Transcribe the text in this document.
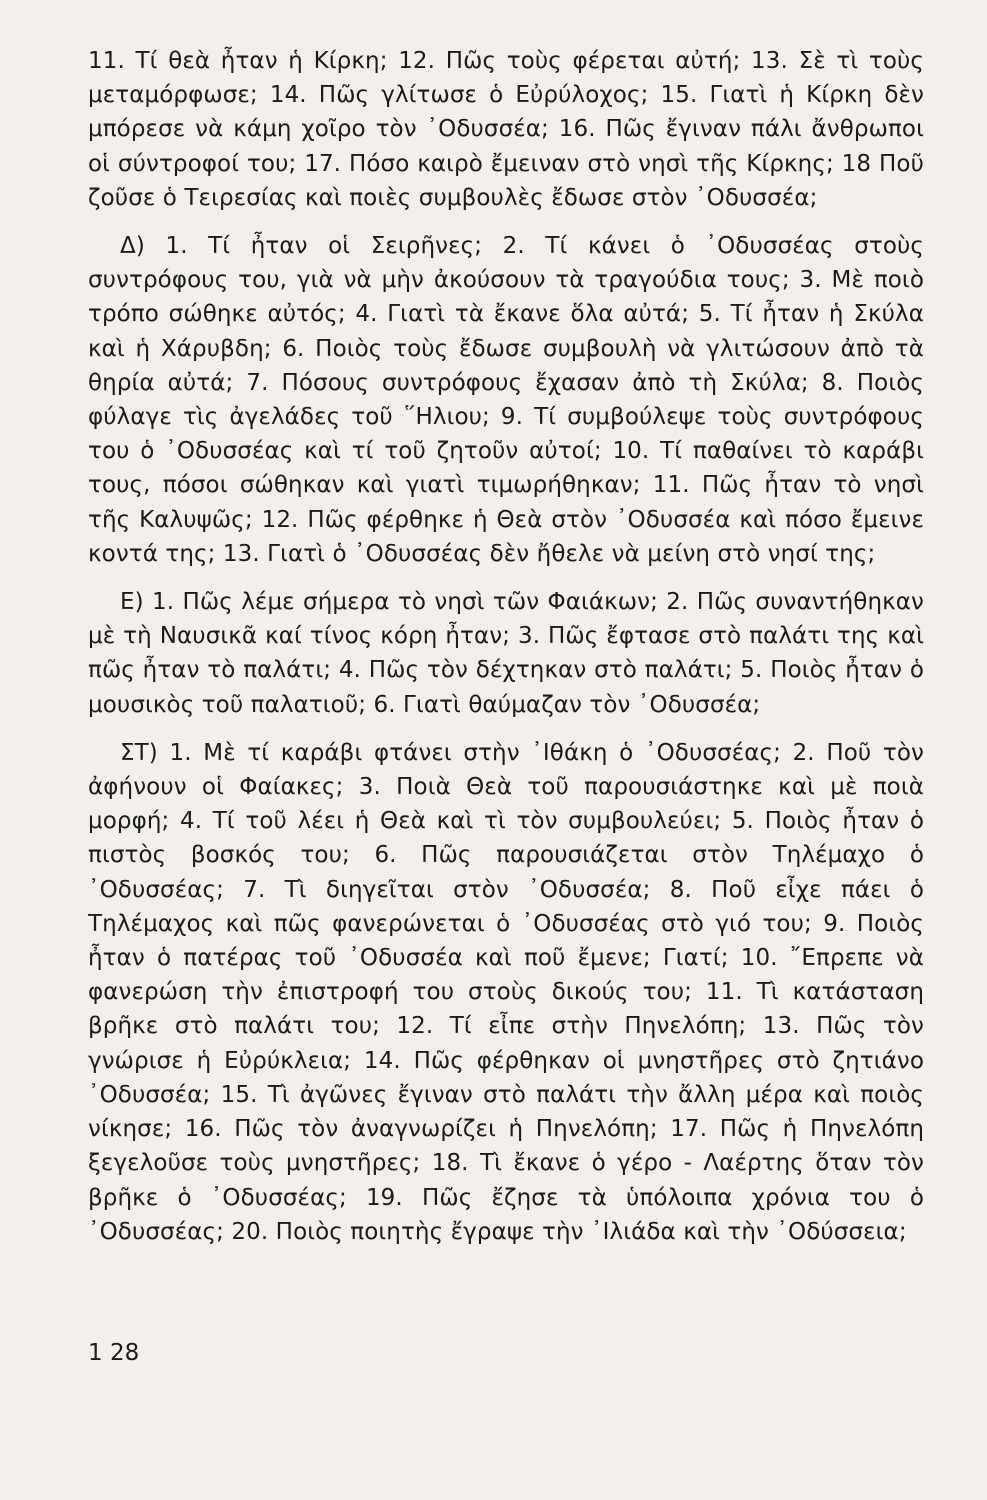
11. Τί θεὰ ἦταν ἡ Κίρκη; 12. Πῶς τοὺς φέρεται αὐτή; 13. Σὲ τὶ τοὺς μεταμόρφωσε; 14. Πῶς γλίτωσε ὁ Εὐρύλοχος; 15. Γιατὶ ἡ Κίρκη δὲν μπόρεσε νὰ κάμη χοῖρο τὸν ᾿Οδυσσέα; 16. Πῶς ἔγιναν πάλι ἄνθρωποι οἱ σύντροφοί του; 17. Πόσο καιρὸ ἔμειναν στὸ νησὶ τῆς Κίρκης; 18 Ποῦ ζοῦσε ὁ Τειρεσίας καὶ ποιὲς συμβουλὲς ἔδωσε στὸν ᾿Οδυσσέα;

Δ) 1. Τί ἦταν οἱ Σειρῆνες; 2. Τί κάνει ὁ ᾿Οδυσσέας στοὺς συντρόφους του, γιὰ νὰ μὴν ἀκούσουν τὰ τραγούδια τους; 3. Μὲ ποιὸ τρόπο σώθηκε αὐτός; 4. Γιατὶ τὰ ἔκανε ὅλα αὐτά; 5. Τί ἦταν ἡ Σκύλα καὶ ἡ Χάρυβδη; 6. Ποιὸς τοὺς ἔδωσε συμβουλὴ νὰ γλιτώσουν ἀπὸ τὰ θηρία αὐτά; 7. Πόσους συντρόφους ἔχασαν ἀπὸ τὴ Σκύλα; 8. Ποιὸς φύλαγε τὶς ἀγελάδες τοῦ ῞Ηλιου; 9. Τί συμβούλεψε τοὺς συντρόφους του ὁ ᾿Οδυσσέας καὶ τί τοῦ ζητοῦν αὐτοί; 10. Τί παθαίνει τὸ καράβι τους, πόσοι σώθηκαν καὶ γιατὶ τιμωρήθηκαν; 11. Πῶς ἦταν τὸ νησὶ τῆς Καλυψῶς; 12. Πῶς φέρθηκε ἡ Θεὰ στὸν ᾿Οδυσσέα καὶ πόσο ἔμεινε κοντά της; 13. Γιατὶ ὁ ᾿Οδυσσέας δὲν ἤθελε νὰ μείνη στὸ νησί της;

Ε) 1. Πῶς λέμε σήμερα τὸ νησὶ τῶν Φαιάκων; 2. Πῶς συναντήθηκαν μὲ τὴ Ναυσικᾶ καί τίνος κόρη ἦταν; 3. Πῶς ἔφτασε στὸ παλάτι της καὶ πῶς ἦταν τὸ παλάτι; 4. Πῶς τὸν δέχτηκαν στὸ παλάτι; 5. Ποιὸς ἦταν ὁ μουσικὸς τοῦ παλατιοῦ; 6. Γιατὶ θαύμαζαν τὸν ᾿Οδυσσέα;

ΣΤ) 1. Μὲ τί καράβι φτάνει στὴν ᾿Ιθάκη ὁ ᾿Οδυσσέας; 2. Ποῦ τὸν ἀφήνουν οἱ Φαίακες; 3. Ποιὰ Θεὰ τοῦ παρουσιάστηκε καὶ μὲ ποιὰ μορφή; 4. Τί τοῦ λέει ἡ Θεὰ καὶ τὶ τὸν συμβουλεύει; 5. Ποιὸς ἦταν ὁ πιστὸς βοσκός του; 6. Πῶς παρουσιάζεται στὸν Τηλέμαχο ὁ ᾿Οδυσσέας; 7. Τὶ διηγεῖται στὸν ᾿Οδυσσέα; 8. Ποῦ εἶχε πάει ὁ Τηλέμαχος καὶ πῶς φανερώνεται ὁ ᾿Οδυσσέας στὸ γιό του; 9. Ποιὸς ἦταν ὁ πατέρας τοῦ ᾿Οδυσσέα καὶ ποῦ ἔμενε; Γιατί; 10. ῎Επρεπε νὰ φανερώση τὴν ἐπιστροφή του στοὺς δικούς του; 11. Τὶ κατάσταση βρῆκε στὸ παλάτι του; 12. Τί εἶπε στὴν Πηνελόπη; 13. Πῶς τὸν γνώρισε ἡ Εὐρύκλεια; 14. Πῶς φέρθηκαν οἱ μνηστῆρες στὸ ζητιάνο ᾿Οδυσσέα; 15. Τὶ ἀγῶνες ἔγιναν στὸ παλάτι τὴν ἄλλη μέρα καὶ ποιὸς νίκησε; 16. Πῶς τὸν ἀναγνωρίζει ἡ Πηνελόπη; 17. Πῶς ἡ Πηνελόπη ξεγελοῦσε τοὺς μνηστῆρες; 18. Τὶ ἔκανε ὁ γέρο - Λαέρτης ὅταν τὸν βρῆκε ὁ ᾿Οδυσσέας; 19. Πῶς ἔζησε τὰ ὑπόλοιπα χρόνια του ὁ ᾿Οδυσσέας; 20. Ποιὸς ποιητὴς ἔγραψε τὴν ᾿Ιλιάδα καὶ τὴν ᾿Οδύσσεια;

1 28
